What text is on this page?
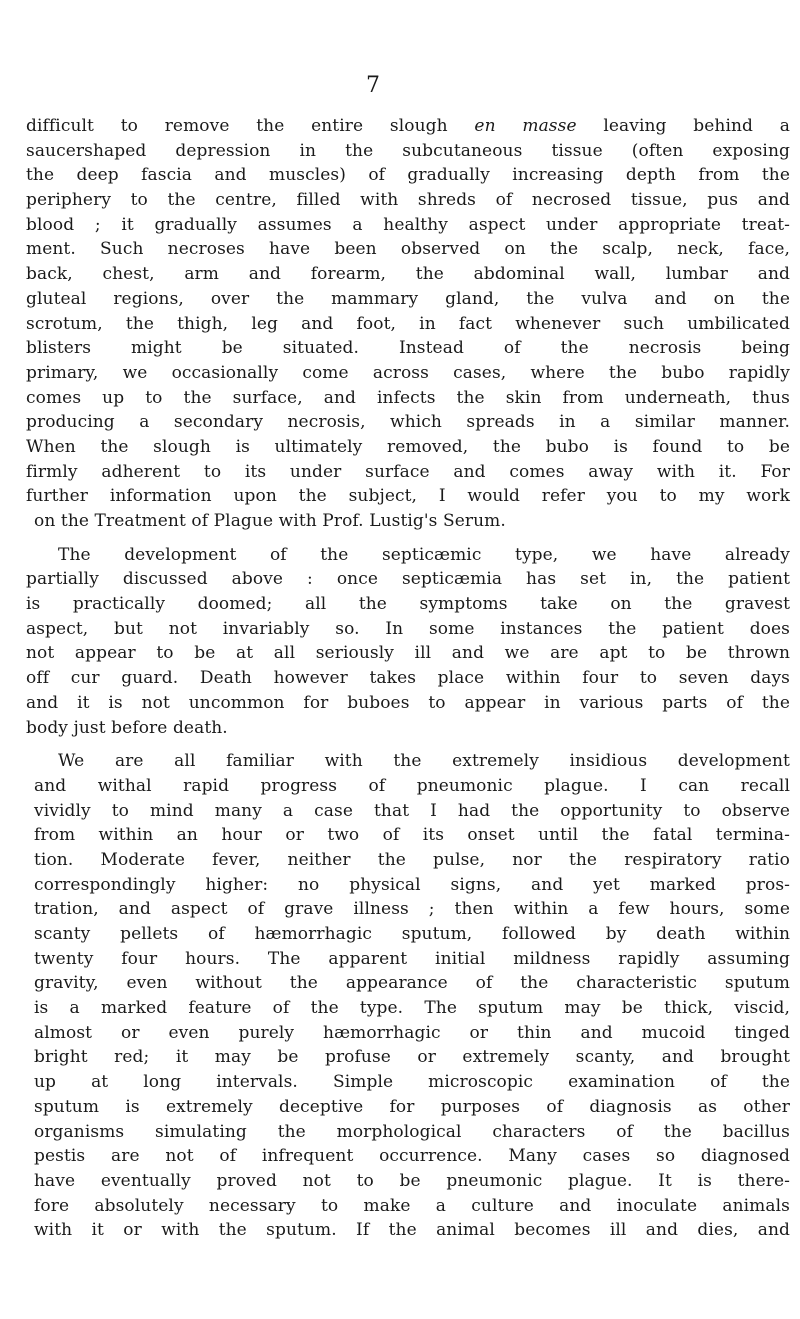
7
difficult to remove the entire slough en masse leaving behind a
saucershaped depression in the subcutaneous tissue (often exposing
the deep fascia and muscles) of gradually increasing depth from the
periphery to the centre, filled with shreds of necrosed tissue, pus and
blood ; it gradually assumes a healthy aspect under appropriate treat-
ment. Such necroses have been observed on the scalp, neck, face,
back, chest, arm and forearm, the abdominal wall, lumbar and
gluteal regions, over the mammary gland, the vulva and on the
scrotum, the thigh, leg and foot, in fact whenever such umbilicated
blisters might be situated. Instead of the necrosis being
primary, we occasionally come across cases, where the bubo rapidly
comes up to the surface, and infects the skin from underneath, thus
producing a secondary necrosis, which spreads in a similar manner.
When the slough is ultimately removed, the bubo is found to be
firmly adherent to its under surface and comes away with it. For
further information upon the subject, I would refer you to my work
on the Treatment of Plague with Prof. Lustig's Serum.
The development of the septicæmic type, we have already
partially discussed above : once septicæmia has set in, the patient
is practically doomed; all the symptoms take on the gravest
aspect, but not invariably so. In some instances the patient does
not appear to be at all seriously ill and we are apt to be thrown
off cur guard. Death however takes place within four to seven days
and it is not uncommon for buboes to appear in various parts of the
body just before death.
We are all familiar with the extremely insidious development
and withal rapid progress of pneumonic plague. I can recall
vividly to mind many a case that I had the opportunity to observe
from within an hour or two of its onset until the fatal termina-
tion. Moderate fever, neither the pulse, nor the respiratory ratio
correspondingly higher: no physical signs, and yet marked pros-
tration, and aspect of grave illness ; then within a few hours, some
scanty pellets of hæmorrhagic sputum, followed by death within
twenty four hours. The apparent initial mildness rapidly assuming
gravity, even without the appearance of the characteristic sputum
is a marked feature of the type. The sputum may be thick, viscid,
almost or even purely hæmorrhagic or thin and mucoid tinged
bright red; it may be profuse or extremely scanty, and brought
up at long intervals. Simple microscopic examination of the
sputum is extremely deceptive for purposes of diagnosis as other
organisms simulating the morphological characters of the bacillus
pestis are not of infrequent occurrence. Many cases so diagnosed
have eventually proved not to be pneumonic plague. It is there-
fore absolutely necessary to make a culture and inoculate animals
with it or with the sputum. If the animal becomes ill and dies, and
